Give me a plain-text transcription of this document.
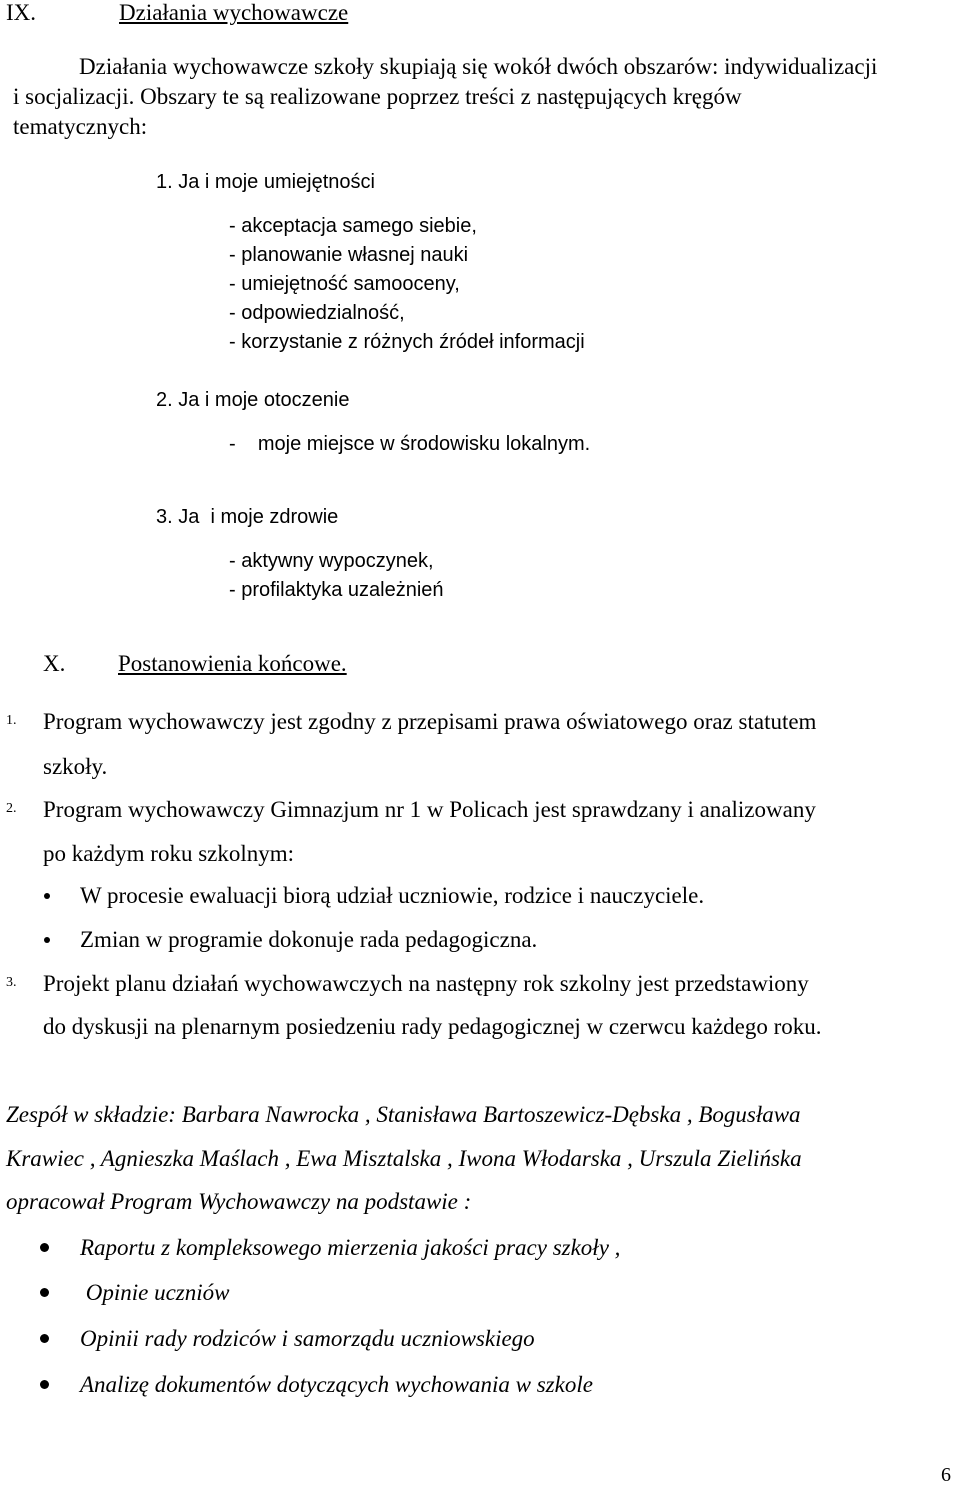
IX.	Działania wychowawcze
Działania wychowawcze szkoły skupiają się wokół dwóch obszarów: indywidualizacji
i socjalizacji. Obszary te są realizowane poprzez treści z następujących kręgów
tematycznych:
1. Ja i moje umiejętności
- akceptacja samego siebie,
- planowanie własnej nauki
- umiejętność samooceny,
- odpowiedzialność,
- korzystanie z różnych źródeł informacji
2. Ja i moje otoczenie
-    moje miejsce w środowisku lokalnym.
3. Ja  i moje zdrowie
- aktywny wypoczynek,
- profilaktyka uzależnień
X. Postanowienia końcowe.
1. Program wychowawczy jest zgodny z przepisami prawa oświatowego oraz statutem
szkoły.
2. Program wychowawczy Gimnazjum nr 1 w Policach jest sprawdzany i analizowany
po każdym roku szkolnym:
W procesie ewaluacji biorą udział uczniowie, rodzice i nauczyciele.
Zmian w programie dokonuje rada pedagogiczna.
3. Projekt planu działań wychowawczych na następny rok szkolny jest przedstawiony
do dyskusji na plenarnym posiedzeniu rady pedagogicznej w czerwcu każdego roku.
Zespół w składzie: Barbara Nawrocka , Stanisława Bartoszewicz-Dębska , Bogusława
Krawiec , Agnieszka Maślach , Ewa Misztalska , Iwona Włodarska , Urszula Zielińska
opracował Program Wychowawczy na podstawie :
Raportu z kompleksowego mierzenia jakości pracy szkoły ,
Opinie uczniów
Opinii rady rodziców i samorządu uczniowskiego
Analizę dokumentów dotyczących wychowania w szkole
6
